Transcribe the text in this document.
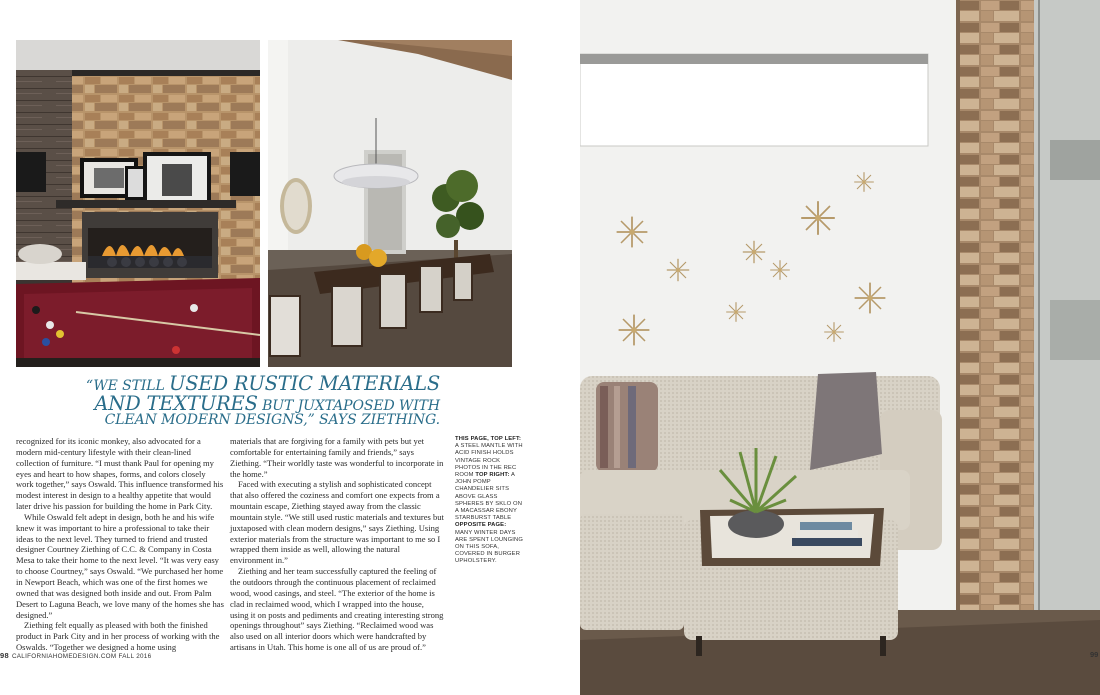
“WE STILL USED RUSTIC MATERIALS
AND TEXTURES BUT JUXTAPOSED WITH
CLEAN MODERN DESIGNS,” SAYS ZIETHING.

recognized for its iconic monkey, also advocated for a modern mid-century lifestyle with their clean-lined collection of furniture. “I must thank Paul for opening my eyes and heart to how shapes, forms, and colors closely work together,” says Oswald. This influence transformed his modest interest in design to a healthy appetite that would later drive his passion for building the home in Park City.

While Oswald felt adept in design, both he and his wife knew it was important to hire a professional to take their ideas to the next level. They turned to friend and trusted designer Courtney Ziething of C.C. & Company in Costa Mesa to take their home to the next level. “It was very easy to choose Courtney,” says Oswald. “We purchased her home in Newport Beach, which was one of the first homes we owned that was designed both inside and out. From Palm Desert to Laguna Beach, we love many of the homes she has designed.”

Ziething felt equally as pleased with both the finished product in Park City and in her process of working with the Oswalds. “Together we designed a home using

materials that are forgiving for a family with pets but yet comfortable for entertaining family and friends,” says Ziething. “Their worldly taste was wonderful to incorporate in the home.”

Faced with executing a stylish and sophisticated concept that also offered the coziness and comfort one expects from a mountain escape, Ziething stayed away from the classic mountain style. “We still used rustic materials and textures but juxtaposed with clean modern designs,” says Ziething. Using exterior materials from the structure was important to me so I wrapped them inside as well, allowing the natural environment in.”

Ziething and her team successfully captured the feeling of the outdoors through the continuous placement of reclaimed wood, wood casings, and steel. “The exterior of the home is clad in reclaimed wood, which I wrapped into the house, using it on posts and pediments and creating interesting strong openings throughout” says Ziething. “Reclaimed wood was also used on all interior doors which were handcrafted by artisans in Utah. This home is one all of us are proud of.”

THIS PAGE, TOP LEFT: A STEEL MANTLE WITH ACID FINISH HOLDS VINTAGE ROCK PHOTOS IN THE REC ROOM TOP RIGHT: A JOHN POMP CHANDELIER SITS ABOVE GLASS SPHERES BY SKLO ON A MACASSAR EBONY STARBURST TABLE OPPOSITE PAGE: MANY WINTER DAYS ARE SPENT LOUNGING ON THIS SOFA, COVERED IN BURGER UPHOLSTERY.
98 CALIFORNIAHOMEDESIGN.COM FALL 2016	99
